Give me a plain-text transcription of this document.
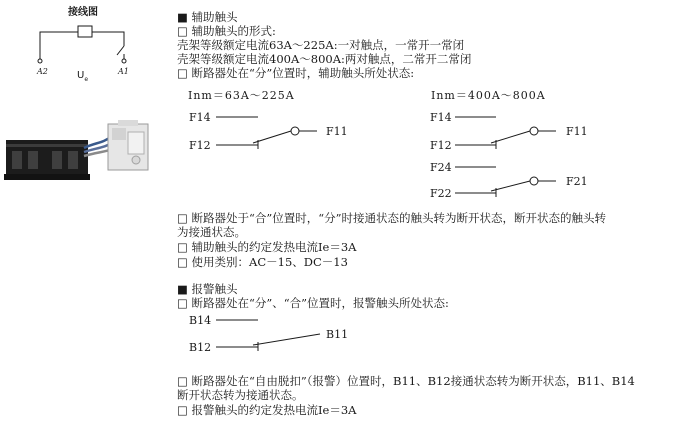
接线图
A2	A1
$U_e$
■ 辅助触头
□ 辅助触头的形式:
壳架等级额定电流63A～225A:一对触点，一常开一常闭
壳架等级额定电流400A～800A:两对触点，二常开二常闭
□ 断路器处在“分”位置时，辅助触头所处状态:
Inm＝63A～225A
F14
F12
F11
Inm＝400A～800A
F14
F12
F11
F24
F22
F21
□ 断路器处于“合”位置时，“分”时接通状态的触头转为断开状态，断开状态的触头转
为接通状态。
□ 辅助触头的约定发热电流Ie＝3A
□ 使用类别：AC－15、DC－13
■ 报警触头
□ 断路器处在“分”、“合”位置时，报警触头所处状态:
B14
B12
B11
□ 断路器处在“自由脱扣”（报警）位置时，B11、B12接通状态转为断开状态，B11、B14
断开状态转为接通状态。
□ 报警触头的约定发热电流Ie＝3A
